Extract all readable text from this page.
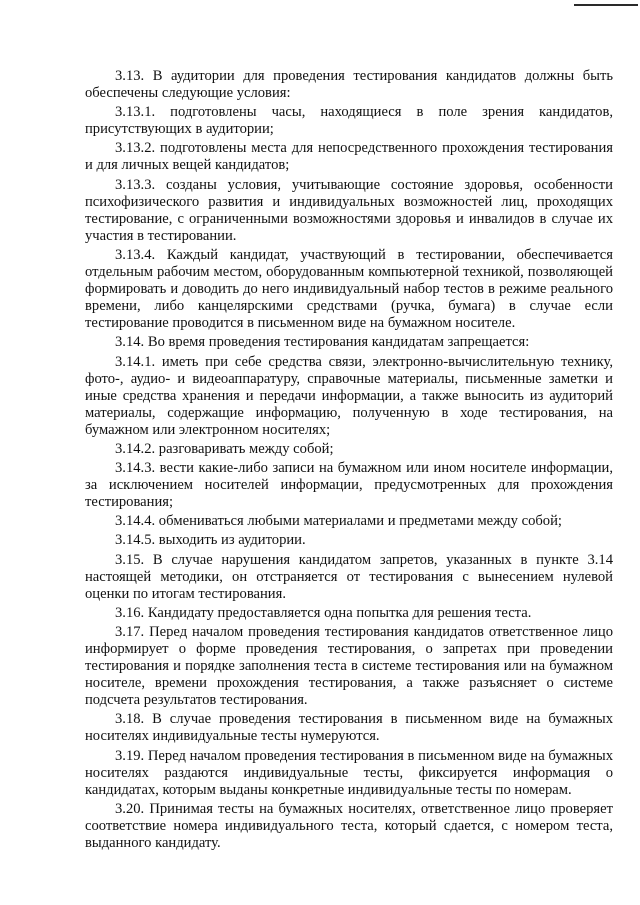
3.13. В аудитории для проведения тестирования кандидатов должны быть обеспечены следующие условия:

3.13.1. подготовлены часы, находящиеся в поле зрения кандидатов, присутствующих в аудитории;

3.13.2. подготовлены места для непосредственного прохождения тестирования и для личных вещей кандидатов;

3.13.3. созданы условия, учитывающие состояние здоровья, особенности психофизического развития и индивидуальных возможностей лиц, проходящих тестирование, с ограниченными возможностями здоровья и инвалидов в случае их участия в тестировании.

3.13.4. Каждый кандидат, участвующий в тестировании, обеспечивается отдельным рабочим местом, оборудованным компьютерной техникой, позволяющей формировать и доводить до него индивидуальный набор тестов в режиме реального времени, либо канцелярскими средствами (ручка, бумага) в случае если тестирование проводится в письменном виде на бумажном носителе.

3.14. Во время проведения тестирования кандидатам запрещается:

3.14.1. иметь при себе средства связи, электронно-вычислительную технику, фото-, аудио- и видеоаппаратуру, справочные материалы, письменные заметки и иные средства хранения и передачи информации, а также выносить из аудиторий материалы, содержащие информацию, полученную в ходе тестирования, на бумажном или электронном носителях;

3.14.2. разговаривать между собой;

3.14.3. вести какие-либо записи на бумажном или ином носителе информации, за исключением носителей информации, предусмотренных для прохождения тестирования;

3.14.4. обмениваться любыми материалами и предметами между собой;

3.14.5. выходить из аудитории.

3.15. В случае нарушения кандидатом запретов, указанных в пункте 3.14 настоящей методики, он отстраняется от тестирования с вынесением нулевой оценки по итогам тестирования.

3.16. Кандидату предоставляется одна попытка для решения теста.

3.17. Перед началом проведения тестирования кандидатов ответственное лицо информирует о форме проведения тестирования, о запретах при проведении тестирования и порядке заполнения теста в системе тестирования или на бумажном носителе, времени прохождения тестирования, а также разъясняет о системе подсчета результатов тестирования.

3.18. В случае проведения тестирования в письменном виде на бумажных носителях индивидуальные тесты нумеруются.

3.19. Перед началом проведения тестирования в письменном виде на бумажных носителях раздаются индивидуальные тесты, фиксируется информация о кандидатах, которым выданы конкретные индивидуальные тесты по номерам.

3.20. Принимая тесты на бумажных носителях, ответственное лицо проверяет соответствие номера индивидуального теста, который сдается, с номером теста, выданного кандидату.
